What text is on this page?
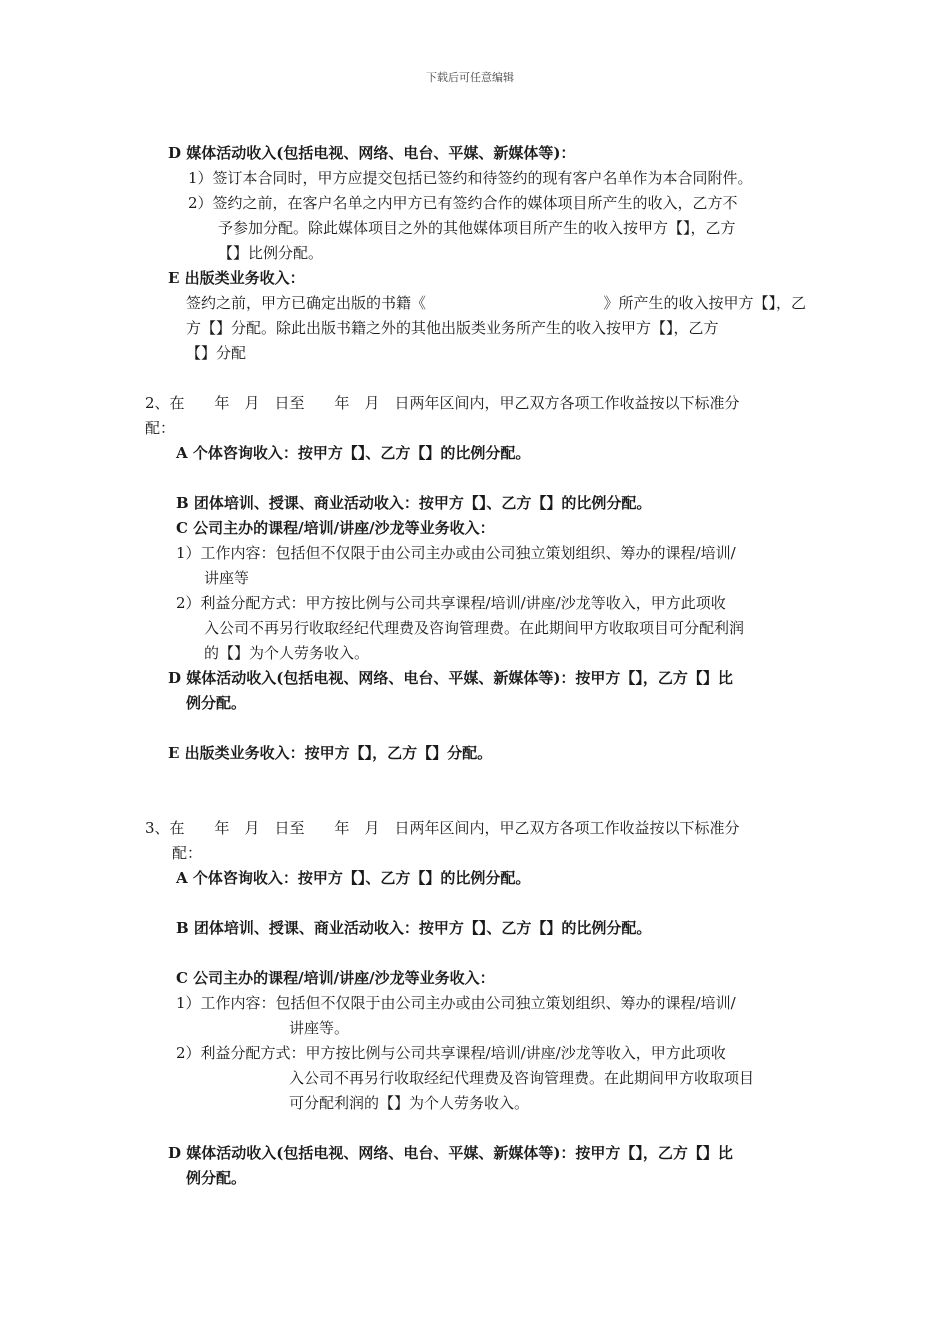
下载后可任意编辑
D 媒体活动收入(包括电视、网络、电台、平媒、新媒体等)：
1）签订本合同时，甲方应提交包括已签约和待签约的现有客户名单作为本合同附件。
2）签约之前，在客户名单之内甲方已有签约合作的媒体项目所产生的收入，乙方不
予参加分配。除此媒体项目之外的其他媒体项目所产生的收入按甲方【】，乙方
【】比例分配。
E 出版类业务收入：
签约之前，甲方已确定出版的书籍《	》所产生的收入按甲方【】，乙
方【】分配。除此出版书籍之外的其他出版类业务所产生的收入按甲方【】，乙方
【】分配
2、在　　年　月　日至　　年　月　日两年区间内，甲乙双方各项工作收益按以下标准分
配：
A 个体咨询收入：按甲方【】、乙方【】的比例分配。
B 团体培训、授课、商业活动收入：按甲方【】、乙方【】的比例分配。
C 公司主办的课程/培训/讲座/沙龙等业务收入：
1）工作内容：包括但不仅限于由公司主办或由公司独立策划组织、筹办的课程/培训/
讲座等
2）利益分配方式：甲方按比例与公司共享课程/培训/讲座/沙龙等收入，甲方此项收
入公司不再另行收取经纪代理费及咨询管理费。在此期间甲方收取项目可分配利润
的【】为个人劳务收入。
D 媒体活动收入(包括电视、网络、电台、平媒、新媒体等)：按甲方【】，乙方【】比
例分配。
E 出版类业务收入：按甲方【】，乙方【】分配。
3、在　　年　月　日至　　年　月　日两年区间内，甲乙双方各项工作收益按以下标准分
配：
A 个体咨询收入：按甲方【】、乙方【】的比例分配。
B 团体培训、授课、商业活动收入：按甲方【】、乙方【】的比例分配。
C 公司主办的课程/培训/讲座/沙龙等业务收入：
1）工作内容：包括但不仅限于由公司主办或由公司独立策划组织、筹办的课程/培训/
讲座等。
2）利益分配方式：甲方按比例与公司共享课程/培训/讲座/沙龙等收入，甲方此项收
入公司不再另行收取经纪代理费及咨询管理费。在此期间甲方收取项目
可分配利润的【】为个人劳务收入。
D 媒体活动收入(包括电视、网络、电台、平媒、新媒体等)：按甲方【】，乙方【】比
例分配。
